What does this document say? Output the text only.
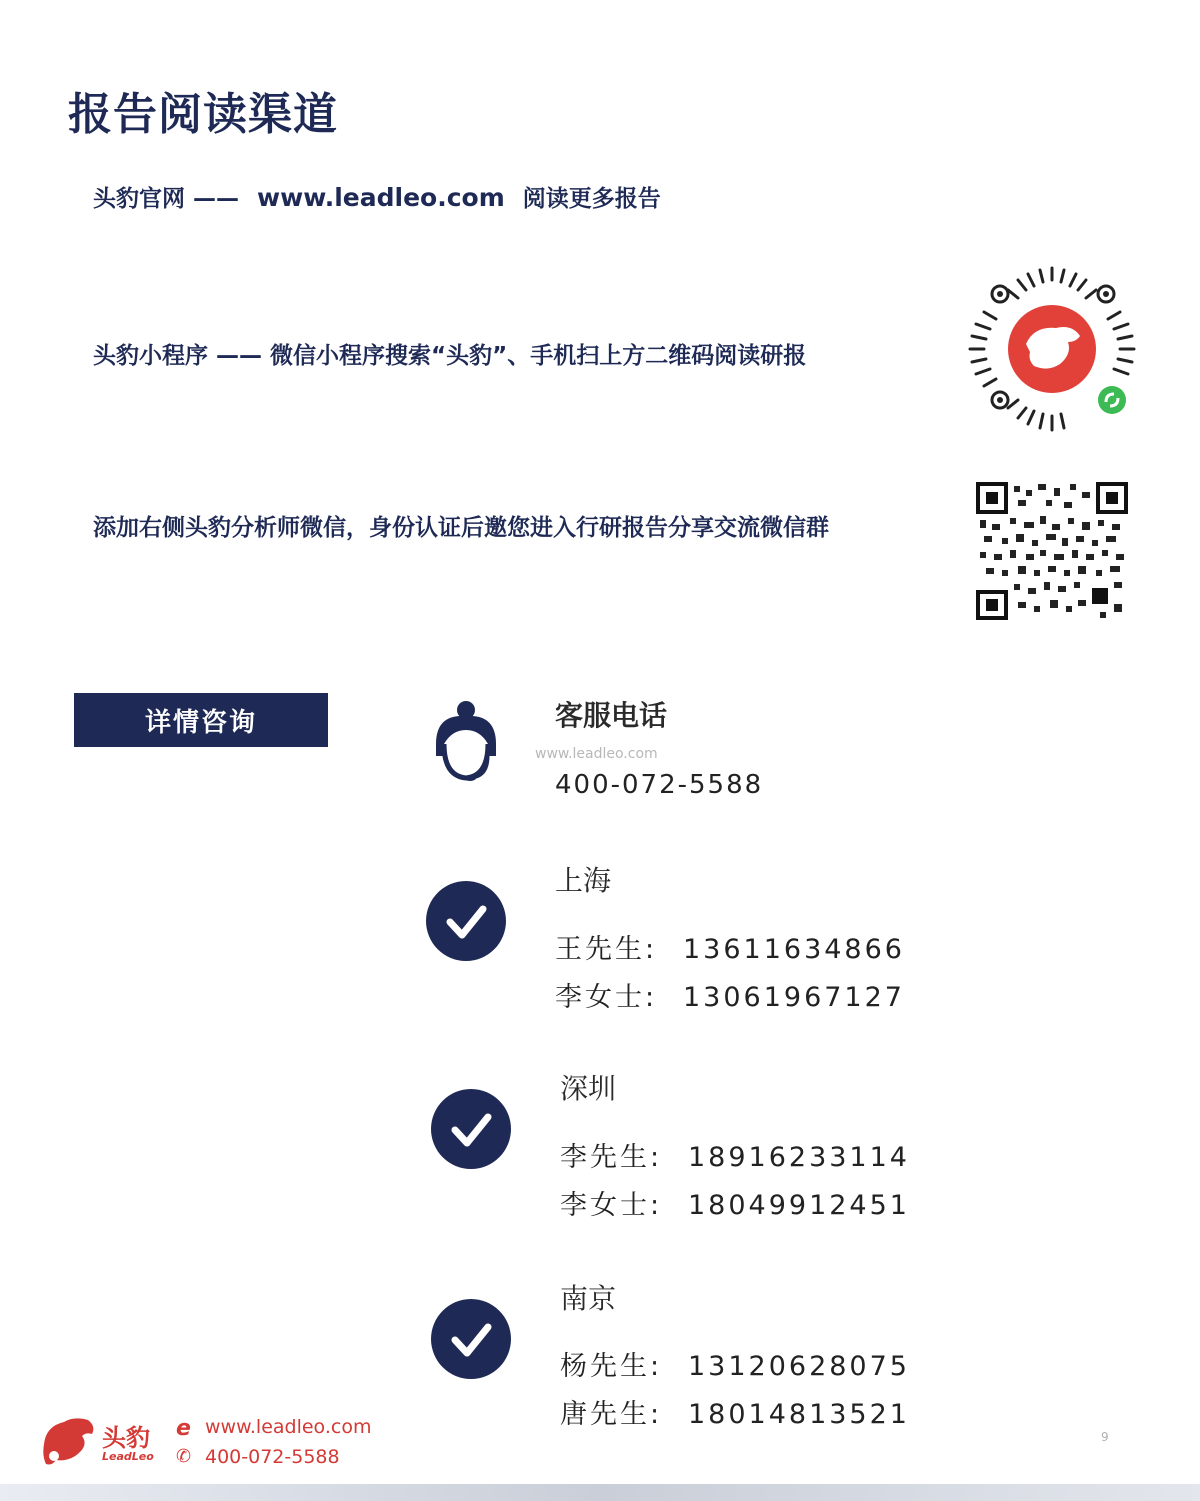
报告阅读渠道
头豹官网 —— www.leadleo.com 阅读更多报告
头豹小程序 —— 微信小程序搜索“头豹”、手机扫上方二维码阅读研报
添加右侧头豹分析师微信，身份认证后邀您进入行研报告分享交流微信群
详情咨询	客服电话
www.leadleo.com
400-072-5588
上海
王先生: 13611634866
李女士: 13061967127
深圳
李先生: 18916233114
李女士: 18049912451
南京
杨先生: 13120628075
唐先生: 18014813521
头豹
LeadLeo
e www.leadleo.com
✆ 400-072-5588
9
